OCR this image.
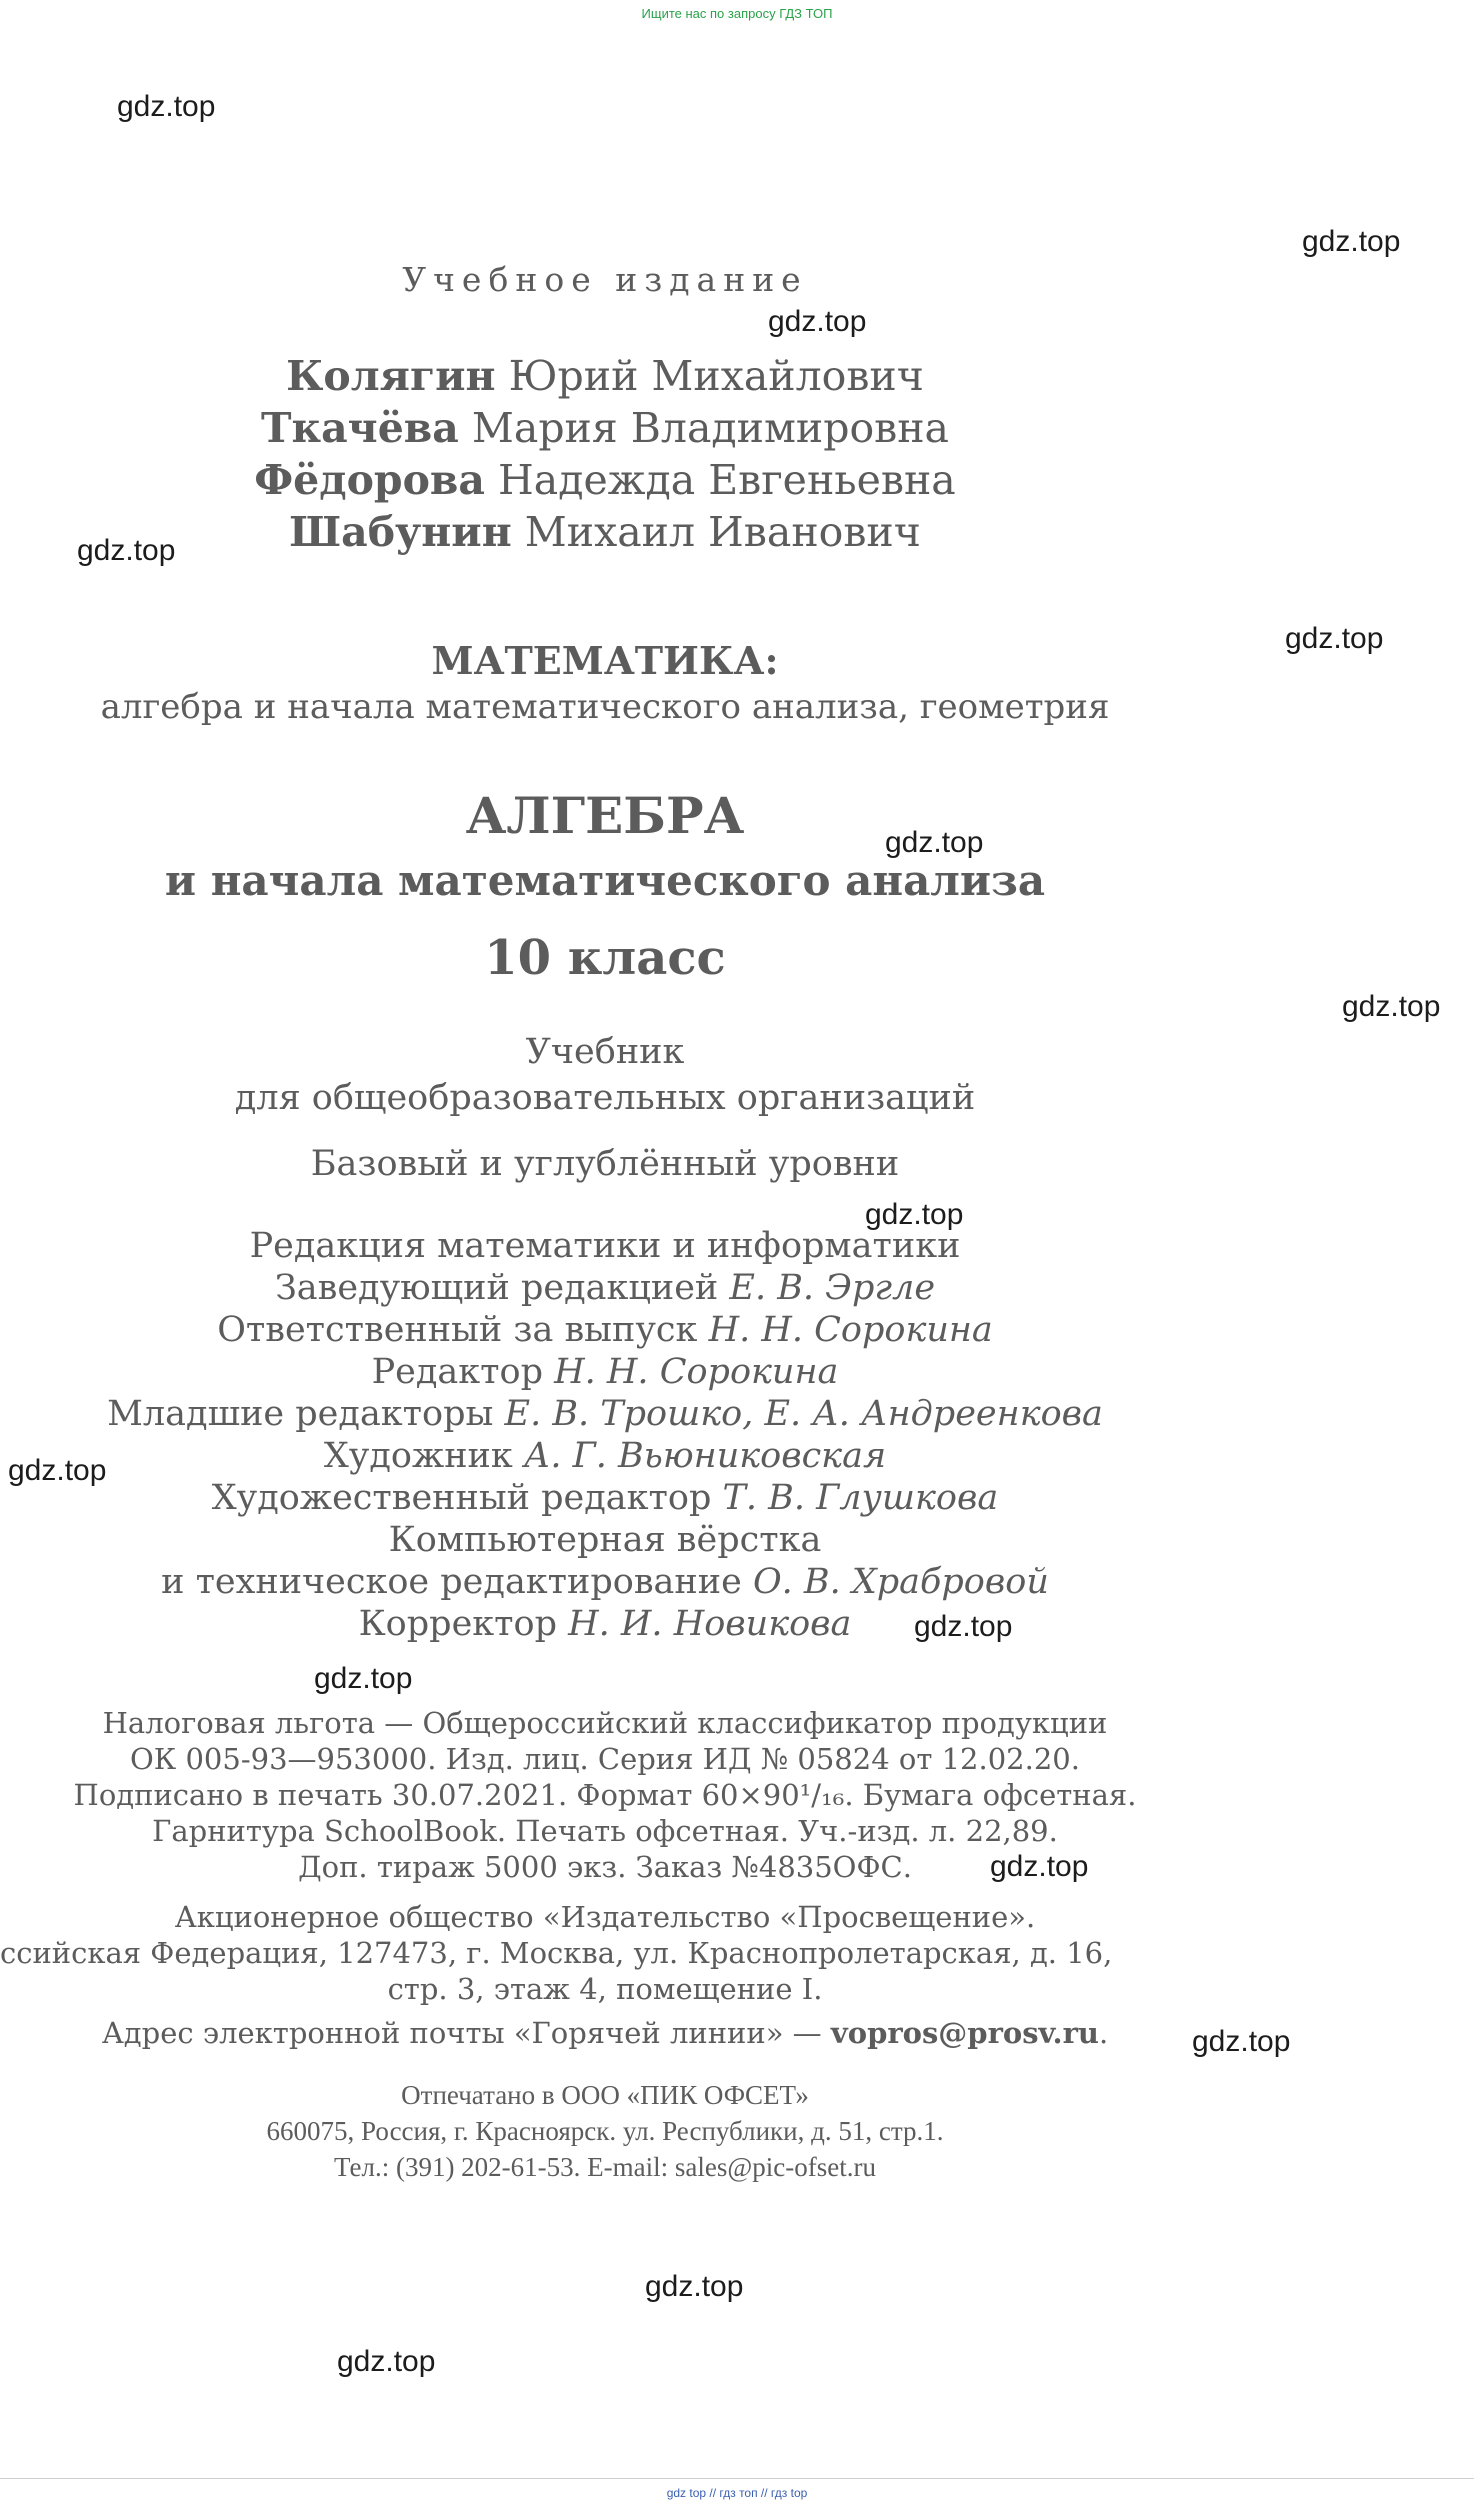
Ищите нас по запросу ГДЗ ТОП
gdz.top
gdz.top
gdz.top
gdz.top
gdz.top
gdz.top
gdz.top
gdz.top
gdz.top
gdz.top
gdz.top
gdz.top
gdz.top
gdz.top
gdz.top
Учебное издание
Колягин Юрий Михайлович
Ткачёва Мария Владимировна
Фёдорова Надежда Евгеньевна
Шабунин Михаил Иванович
МАТЕМАТИКА:
алгебра и начала математического анализа, геометрия
АЛГЕБРА
и начала математического анализа
10 класс
Учебник
для общеобразовательных организаций
Базовый и углублённый уровни
Редакция математики и информатики
Заведующий редакцией Е. В. Эргле
Ответственный за выпуск Н. Н. Сорокина
Редактор Н. Н. Сорокина
Младшие редакторы Е. В. Трошко, Е. А. Андреенкова
Художник А. Г. Вьюниковская
Художественный редактор Т. В. Глушкова
Компьютерная вёрстка
и техническое редактирование О. В. Храбровой
Корректор Н. И. Новикова
Налоговая льгота — Общероссийский классификатор продукции
ОК 005-93—953000. Изд. лиц. Серия ИД № 05824 от 12.02.20.
Подписано в печать 30.07.2021. Формат 60×90¹/₁₆. Бумага офсетная.
Гарнитура SchoolBook. Печать офсетная. Уч.-изд. л. 22,89.
Доп. тираж 5000 экз. Заказ №4835ОФС.
Акционерное общество «Издательство «Просвещение».
ссийская Федерация, 127473, г. Москва, ул. Краснопролетарская, д. 16,
стр. 3, этаж 4, помещение I.
Адрес электронной почты «Горячей линии» — vopros@prosv.ru.
Отпечатано в ООО «ПИК ОФСЕТ»
660075, Россия, г. Красноярск. ул. Республики, д. 51, стр.1.
Тел.: (391) 202-61-53. E-mail: sales@pic-ofset.ru
gdz top // гдз топ // гдз top
